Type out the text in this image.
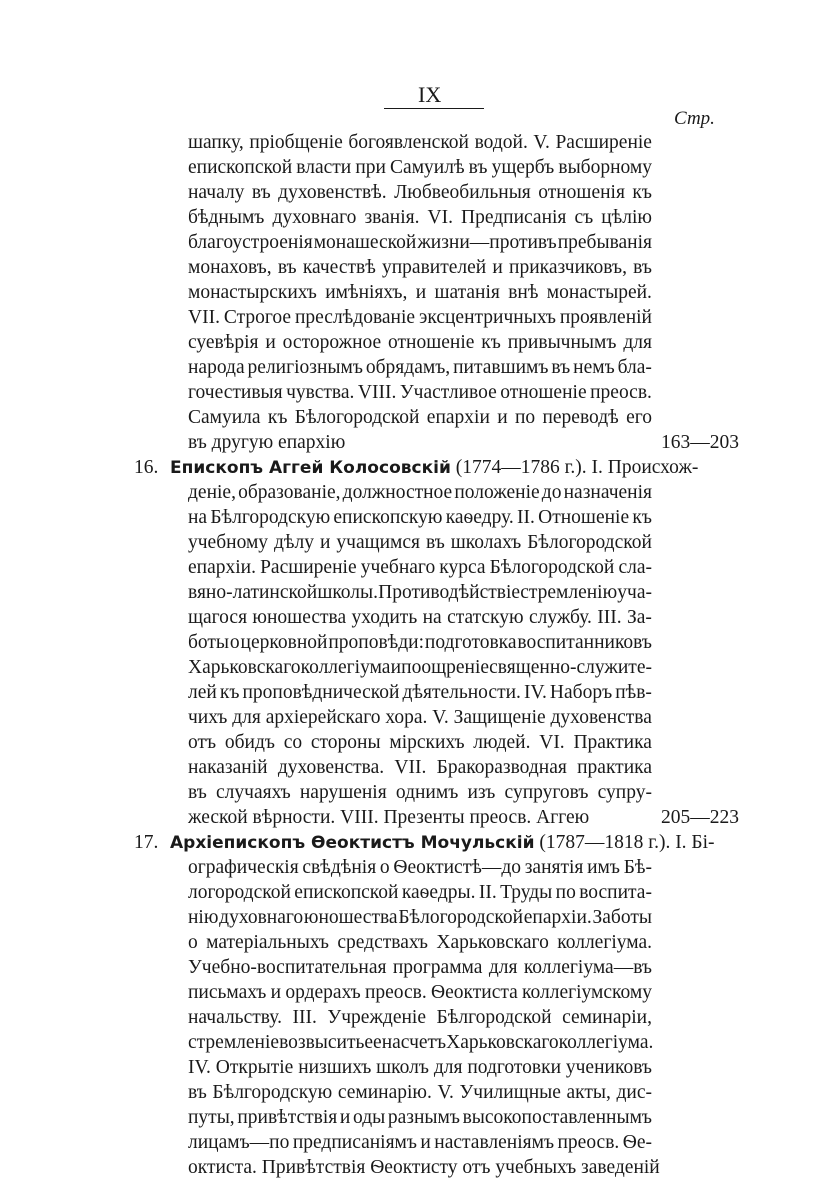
IX
Стр.
шапку, пріобщеніе богоявленской водой. V. Расширеніе
епископской власти при Самуилѣ въ ущербъ выборному
началу въ духовенствѣ. Любвеобильныя отношенія къ
бѣднымъ духовнаго званія. VI. Предписанія съ цѣлію
благоустроенія монашеской жизни—противъ пребыванія
монаховъ, въ качествѣ управителей и приказчиковъ, въ
монастырскихъ имѣніяхъ, и шатанія внѣ монастырей.
VII. Строгое преслѣдованіе эксцентричныхъ проявленій
суевѣрія и осторожное отношеніе къ привычнымъ для
народа религіознымъ обрядамъ, питавшимъ въ немъ бла-
гочестивыя чувства. VIII. Участливое отношеніе преосв.
Самуила къ Бѣлогородской епархіи и по переводѣ его
въ другую епархію	163—203
16. Епископъ Аггей Колосовскій (1774—1786 г.). I. Происхож-
деніе, образованіе, должностное положеніе до назначенія
на Бѣлгородскую епископскую каѳедру. II. Отношеніе къ
учебному дѣлу и учащимся въ школахъ Бѣлогородской
епархіи. Расширеніе учебнаго курса Бѣлогородской сла-
вяно-латинской школы. Противодѣйствіе стремленію уча-
щагося юношества уходить на статскую службу. III. За-
боты о церковной проповѣди: подготовка воспитанниковъ
Харьковскаго коллегіума и поощреніе священно-служите-
лей къ проповѣднической дѣятельности. IV. Наборъ пѣв-
чихъ для архіерейскаго хора. V. Защищеніе духовенства
отъ обидъ со стороны мірскихъ людей. VI. Практика
наказаній духовенства. VII. Бракоразводная практика
въ случаяхъ нарушенія однимъ изъ супруговъ супру-
жеской вѣрности. VIII. Презенты преосв. Аггею	205—223
17. Архіепископъ Ѳеоктистъ Мочульскій (1787—1818 г.). I. Бі-
ографическія свѣдѣнія о Ѳеоктистѣ—до занятія имъ Бѣ-
логородской епископской каѳедры. II. Труды по воспита-
нію духовнаго юношества Бѣлогородской епархіи. Заботы
о матеріальныхъ средствахъ Харьковскаго коллегіума.
Учебно-воспитательная программа для коллегіума—въ
письмахъ и ордерахъ преосв. Ѳеоктиста коллегіумскому
начальству. III. Учрежденіе Бѣлгородской семинаріи,
стремленіе возвысить ее насчетъ Харьковскаго коллегіума.
IV. Открытіе низшихъ школъ для подготовки учениковъ
въ Бѣлгородскую семинарію. V. Училищные акты, дис-
путы, привѣтствія и оды разнымъ высокопоставленнымъ
лицамъ—по предписаніямъ и наставленіямъ преосв. Ѳе-
октиста. Привѣтствія Ѳеоктисту отъ учебныхъ заведеній
